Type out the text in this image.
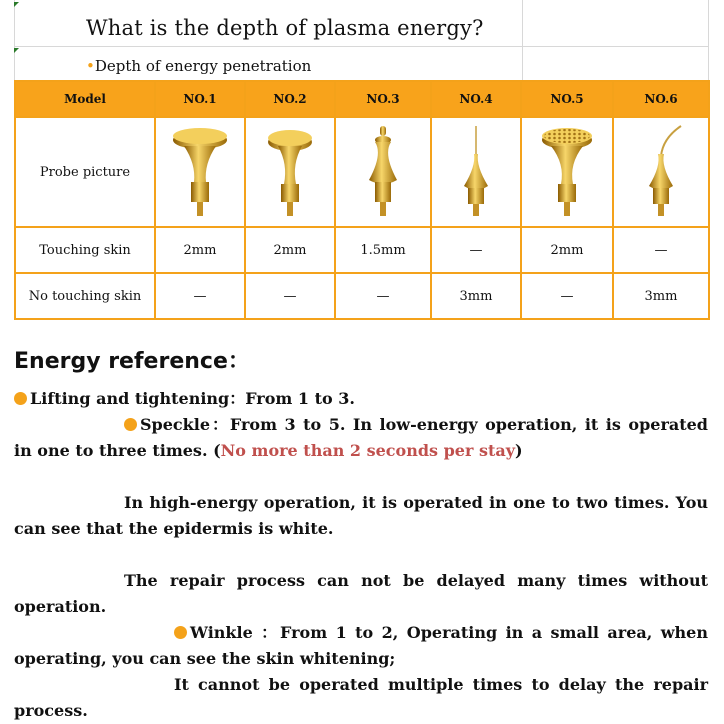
What is the depth of plasma energy?
•Depth of energy penetration
Model	NO.1	NO.2	NO.3	NO.4	NO.5	NO.6
Probe picture	

Touching skin	2mm	2mm	1.5mm	—	2mm	—
No touching skin	—	—	—	3mm	—	3mm
Energy reference：
Lifting and tightening：From 1 to 3.
Speckle：From 3 to 5. In low-energy operation, it is operated in one to three times. (No more than 2 seconds per stay)
In high-energy operation, it is operated in one to two times. You can see that the epidermis is white.
The repair process can not be delayed many times without operation.
Winkle ：From 1 to 2, Operating in a small area, when operating, you can see the skin whitening;
It cannot be operated multiple times to delay the repair process.
